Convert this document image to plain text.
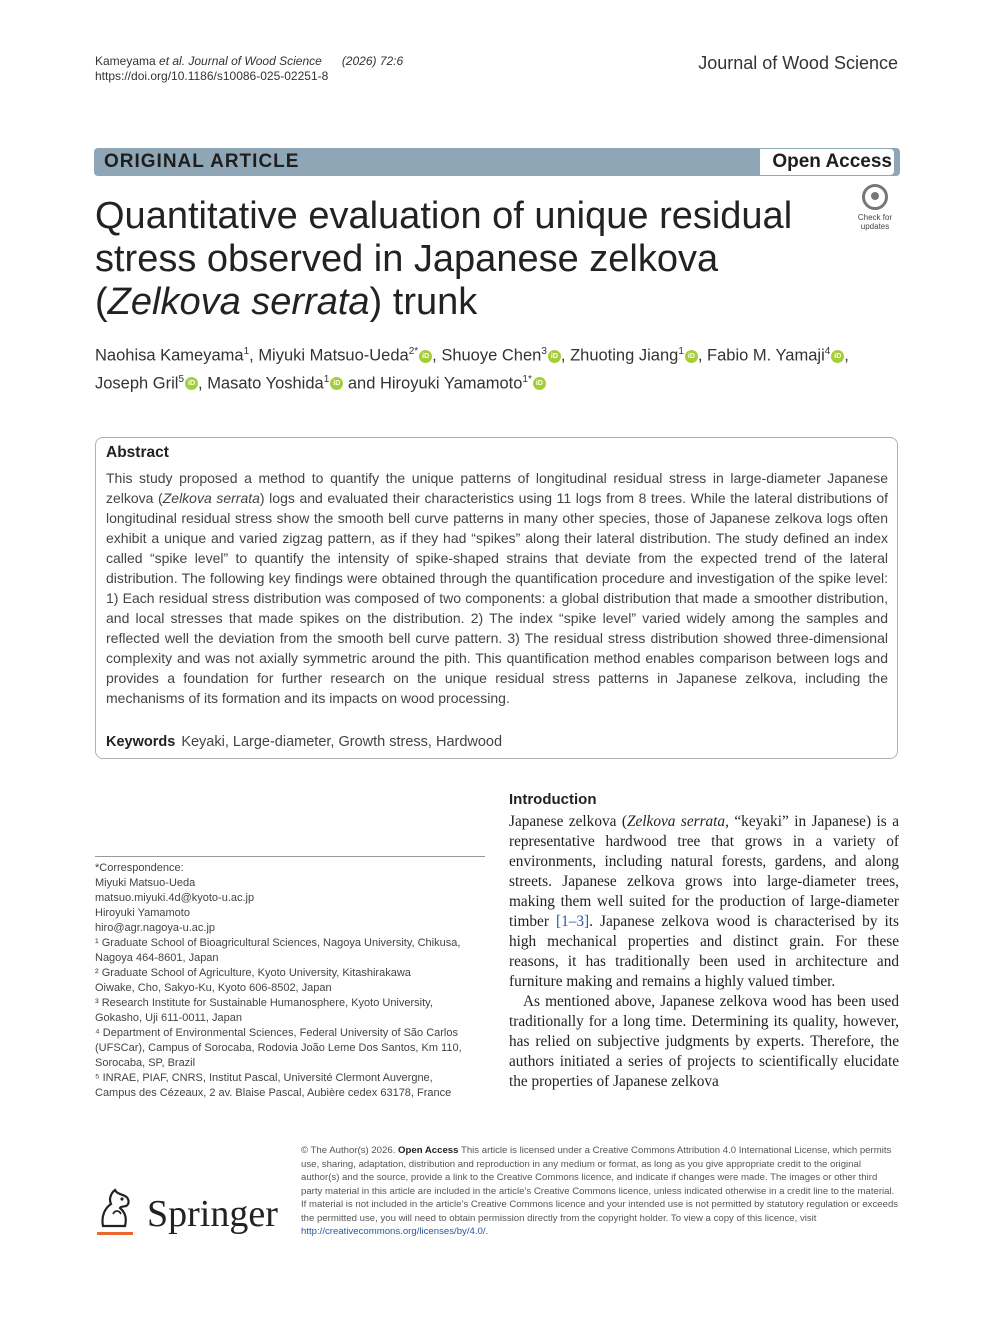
Kameyama et al. Journal of Wood Science (2026) 72:6
https://doi.org/10.1186/s10086-025-02251-8
Journal of Wood Science
ORIGINAL ARTICLE	Open Access
Quantitative evaluation of unique residual stress observed in Japanese zelkova (Zelkova serrata) trunk
Check for
updates
Naohisa Kameyama$^1$, Miyuki Matsuo-Ueda$^{2*}$ iD , Shuoye Chen$^3$ iD , Zhuoting Jiang$^1$ iD , Fabio M. Yamaji$^4$ iD , Joseph Gril$^5$ iD , Masato Yoshida$^1$ iD and Hiroyuki Yamamoto$^{1*}$ iD
Abstract
This study proposed a method to quantify the unique patterns of longitudinal residual stress in large-diameter Japanese zelkova (Zelkova serrata) logs and evaluated their characteristics using 11 logs from 8 trees. While the lateral distributions of longitudinal residual stress show the smooth bell curve patterns in many other species, those of Japanese zelkova logs often exhibit a unique and varied zigzag pattern, as if they had “spikes” along their lateral distribution. The study defined an index called “spike level” to quantify the intensity of spike-shaped strains that deviate from the expected trend of the lateral distribution. The following key findings were obtained through the quantification procedure and investigation of the spike level: 1) Each residual stress distribution was composed of two components: a global distribution that made a smoother distribution, and local stresses that made spikes on the distribution. 2) The index “spike level” varied widely among the samples and reflected well the deviation from the smooth bell curve pattern. 3) The residual stress distribution showed three-dimensional complexity and was not axially symmetric around the pith. This quantification method enables comparison between logs and provides a foundation for further research on the unique residual stress patterns in Japanese zelkova, including the mechanisms of its formation and its impacts on wood processing.
Keywords Keyaki, Large-diameter, Growth stress, Hardwood
Introduction

Japanese zelkova (Zelkova serrata, “keyaki” in Japanese) is a representative hardwood tree that grows in a variety of environments, including natural forests, gardens, and along streets. Japanese zelkova grows into large-diameter trees, making them well suited for the production of large-diameter timber [1–3]. Japanese zelkova wood is characterised by its high mechanical properties and distinct grain. For these reasons, it has traditionally been used in architecture and furniture making and remains a highly valued timber.

As mentioned above, Japanese zelkova wood has been used traditionally for a long time. Determining its quality, however, has relied on subjective judgments by experts. Therefore, the authors initiated a series of projects to scientifically elucidate the properties of Japanese zelkova

*Correspondence:
Miyuki Matsuo-Ueda
matsuo.miyuki.4d@kyoto-u.ac.jp
Hiroyuki Yamamoto
hiro@agr.nagoya-u.ac.jp
¹ Graduate School of Bioagricultural Sciences, Nagoya University, Chikusa,
Nagoya 464-8601, Japan
² Graduate School of Agriculture, Kyoto University, Kitashirakawa
Oiwake, Cho, Sakyo-Ku, Kyoto 606-8502, Japan
³ Research Institute for Sustainable Humanosphere, Kyoto University,
Gokasho, Uji 611-0011, Japan
⁴ Department of Environmental Sciences, Federal University of São Carlos
(UFSCar), Campus of Sorocaba, Rodovia João Leme Dos Santos, Km 110,
Sorocaba, SP, Brazil
⁵ INRAE, PIAF, CNRS, Institut Pascal, Université Clermont Auvergne,
Campus des Cézeaux, 2 av. Blaise Pascal, Aubière cedex 63178, France
Springer
© The Author(s) 2026. Open Access This article is licensed under a Creative Commons Attribution 4.0 International License, which permits use, sharing, adaptation, distribution and reproduction in any medium or format, as long as you give appropriate credit to the original author(s) and the source, provide a link to the Creative Commons licence, and indicate if changes were made. The images or other third party material in this article are included in the article’s Creative Commons licence, unless indicated otherwise in a credit line to the material. If material is not included in the article’s Creative Commons licence and your intended use is not permitted by statutory regulation or exceeds the permitted use, you will need to obtain permission directly from the copyright holder. To view a copy of this licence, visit http://creativecommons.org/licenses/by/4.0/.
